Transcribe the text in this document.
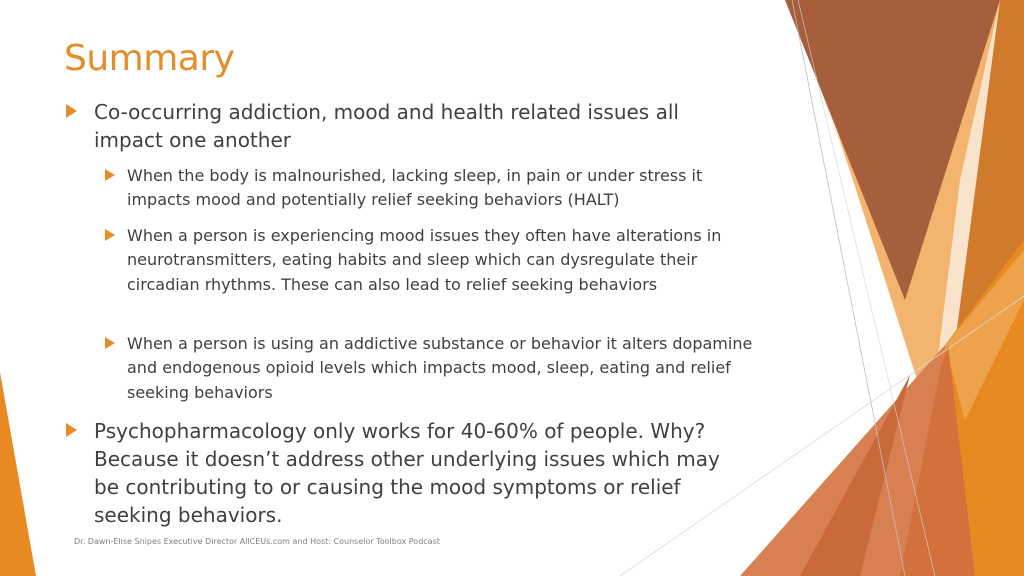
Summary
Co-occurring addiction, mood and health related issues all impact one another
When the body is malnourished, lacking sleep, in pain or under stress it impacts mood and potentially relief seeking behaviors (HALT)
When a person is experiencing mood issues they often have alterations in neurotransmitters, eating habits and sleep which can dysregulate their circadian rhythms. These can also lead to relief seeking behaviors
When a person is using an addictive substance or behavior it alters dopamine and endogenous opioid levels which impacts mood, sleep, eating and relief seeking behaviors
Psychopharmacology only works for 40-60% of people. Why? Because it doesn’t address other underlying issues which may be contributing to or causing the mood symptoms or relief seeking behaviors.
Dr. Dawn-Elise Snipes Executive Director AllCEUs.com and Host: Counselor Toolbox Podcast
